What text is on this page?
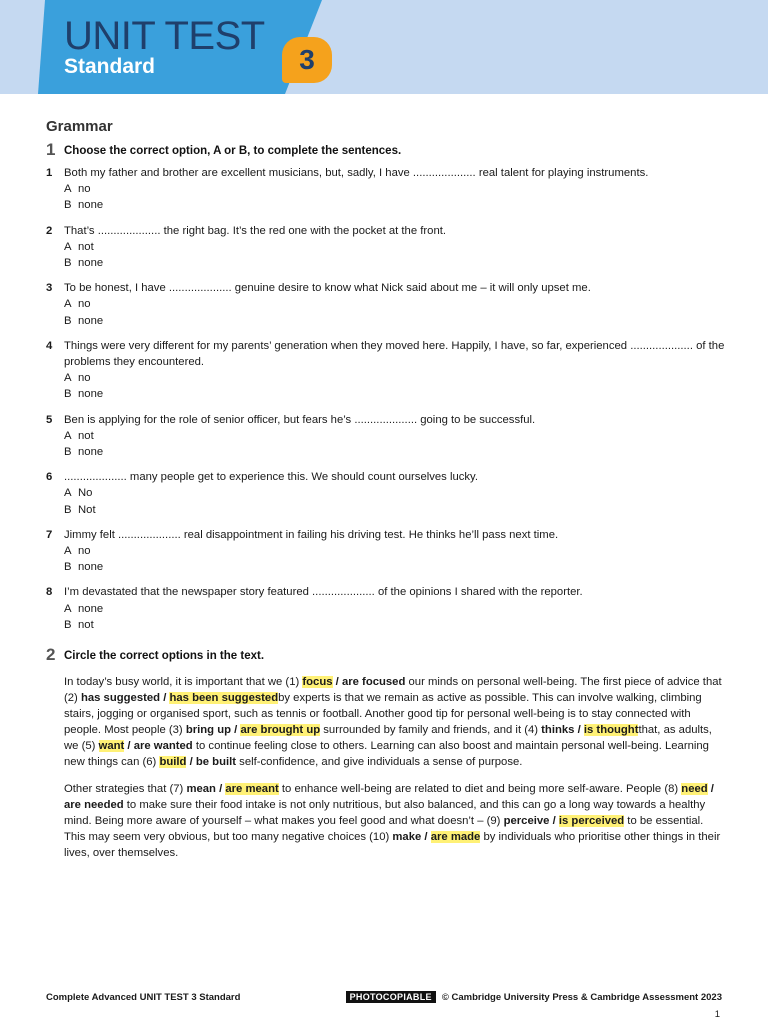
UNIT TEST
Standard	3
Grammar
1 Choose the correct option, A or B, to complete the sentences.
1 Both my father and brother are excellent musicians, but, sadly, I have .................... real talent for playing instruments.
A no
B none
2 That’s .................... the right bag. It’s the red one with the pocket at the front.
A not
B none
3 To be honest, I have .................... genuine desire to know what Nick said about me – it will only upset me.
A no
B none
4 Things were very different for my parents’ generation when they moved here. Happily, I have, so far, experienced .................... of the problems they encountered.
A no
B none
5 Ben is applying for the role of senior officer, but fears he’s .................... going to be successful.
A not
B none
6 .................... many people get to experience this. We should count ourselves lucky.
A No
B Not
7 Jimmy felt .................... real disappointment in failing his driving test. He thinks he’ll pass next time.
A no
B none
8 I’m devastated that the newspaper story featured .................... of the opinions I shared with the reporter.
A none
B not
2 Circle the correct options in the text.

In today’s busy world, it is important that we (1) focus / are focused our minds on personal well-being. The first piece of advice that (2) has suggested / has been suggestedby experts is that we remain as active as possible. This can involve walking, climbing stairs, jogging or organised sport, such as tennis or football. Another good tip for personal well-being is to stay connected with people. Most people (3) bring up / are brought up surrounded by family and friends, and it (4) thinks / is thoughtthat, as adults, we (5) want / are wanted to continue feeling close to others. Learning can also boost and maintain personal well-being. Learning new things can (6) build / be built self-confidence, and give individuals a sense of purpose.

Other strategies that (7) mean / are meant to enhance well-being are related to diet and being more self-aware. People (8) need / are needed to make sure their food intake is not only nutritious, but also balanced, and this can go a long way towards a healthy mind. Being more aware of yourself – what makes you feel good and what doesn’t – (9) perceive / is perceived to be essential. This may seem very obvious, but too many negative choices (10) make / are made by individuals who prioritise other things in their lives, over themselves.

Complete Advanced UNIT TEST 3 Standard	PHOTOCOPIABLE	© Cambridge University Press & Cambridge Assessment 2023
1
